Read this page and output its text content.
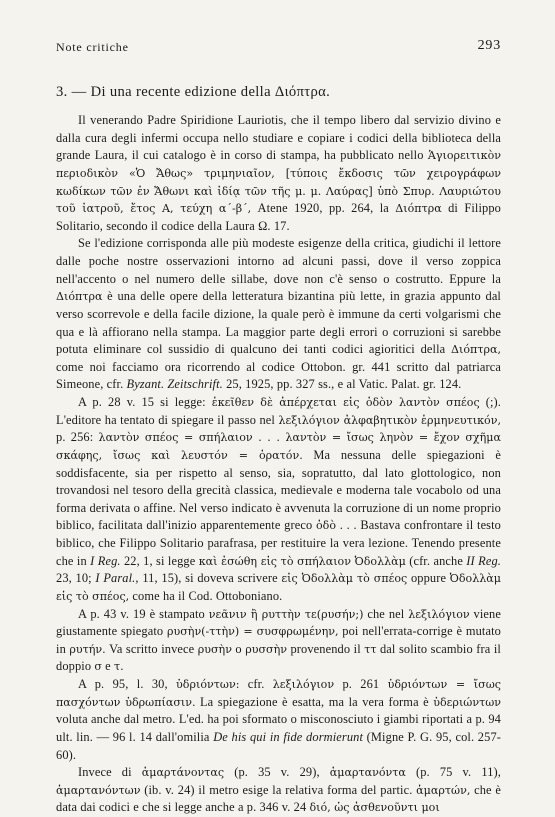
Note critiche	293
3. — Di una recente edizione della Διόπτρα.

Il venerando Padre Spiridione Lauriotis, che il tempo libero dal servizio divino e dalla cura degli infermi occupa nello studiare e copiare i codici della biblioteca della grande Laura, il cui catalogo è in corso di stampa, ha pubblicato nello Ἁγιορειτικὸν περιοδικὸν «Ὁ Ἄθως» τριμηνιαῖον, [τύποις ἔκδοσις τῶν χειρογράφων κωδίκων τῶν ἐν Ἄθωνι καὶ ἰδίᾳ τῶν τῆς μ. μ. Λαύρας] ὑπὸ Σπυρ. Λαυριώτου τοῦ ἰατροῦ, ἔτος Α, τεύχη α΄-β΄, Atene 1920, pp. 264, la Διόπτρα di Filippo Solitario, secondo il codice della Laura Ω. 17.

Se l'edizione corrisponda alle più modeste esigenze della critica, giudichi il lettore dalle poche nostre osservazioni intorno ad alcuni passi, dove il verso zoppica nell'accento o nel numero delle sillabe, dove non c'è senso o costrutto. Eppure la Διόπτρα è una delle opere della letteratura bizantina più lette, in grazia appunto dal verso scorrevole e della facile dizione, la quale però è immune da certi volgarismi che qua e là affiorano nella stampa. La maggior parte degli errori o corruzioni si sarebbe potuta eliminare col sussidio di qualcuno dei tanti codici agioritici della Διόπτρα, come noi facciamo ora ricorrendo al codice Ottobon. gr. 441 scritto dal patriarca Simeone, cfr. Byzant. Zeitschrift. 25, 1925, pp. 327 ss., e al Vatic. Palat. gr. 124.

A p. 28 v. 15 si legge: ἐκεῖθεν δὲ ἀπέρχεται εἰς ὁδὸν λαντὸν σπέος (;). L'editore ha tentato di spiegare il passo nel λεξιλόγιον ἀλφαβητικὸν ἑρμηνευτικόν, p. 256: λαντὸν σπέος = σπήλαιον . . . λαντὸν = ἴσως ληνὸν = ἔχον σχῆμα σκάφης, ἴσως καὶ λευστόν = ὁρατόν. Ma nessuna delle spiegazioni è soddisfacente, sia per rispetto al senso, sia, sopratutto, dal lato glottologico, non trovandosi nel tesoro della grecità classica, medievale e moderna tale vocabolo od una forma derivata o affine. Nel verso indicato è avvenuta la corruzione di un nome proprio biblico, facilitata dall'inizio apparentemente greco ὁδὸ . . . Bastava confrontare il testo biblico, che Filippo Solitario parafrasa, per restituire la vera lezione. Tenendo presente che in I Reg. 22, 1, si legge καὶ ἐσώθη εἰς τὸ σπήλαιον Ὀδολλὰμ (cfr. anche II Reg. 23, 10; I Paral., 11, 15), si doveva scrivere εἰς Ὀδολλὰμ τὸ σπέος oppure Ὀδολλὰμ εἰς τὸ σπέος, come ha il Cod. Ottoboniano.

A p. 43 v. 19 è stampato νεᾶνιν ἢ ρυττὴν τε(ρυσήν;) che nel λεξιλόγιον viene giustamente spiegato ρυσὴν(-ττὴν) = συσφρωμένην, poi nell'errata-corrige è mutato in ρυτήν. Va scritto invece ρυσὴν o ρυσσὴν provenendo il ττ dal solito scambio fra il doppio σ e τ.

A p. 95, l. 30, ὑδριόντων: cfr. λεξιλόγιον p. 261 ὑδριόντων = ἴσως πασχόντων ὑδρωπίασιν. La spiegazione è esatta, ma la vera forma è ὑδεριώντων voluta anche dal metro. L'ed. ha poi sformato o misconosciuto i giambi riportati a p. 94 ult. lin. — 96 l. 14 dall'omilia De his qui in fide dormierunt (Migne P. G. 95, col. 257-60).

Invece di ἁμαρτάνοντας (p. 35 v. 29), ἁμαρτανόντα (p. 75 v. 11), ἁμαρτανόντων (ib. v. 24) il metro esige la relativa forma del partic. ἁμαρτών, che è data dai codici e che si legge anche a p. 346 v. 24 διό, ὡς ἀσθενοῦντι μοι
